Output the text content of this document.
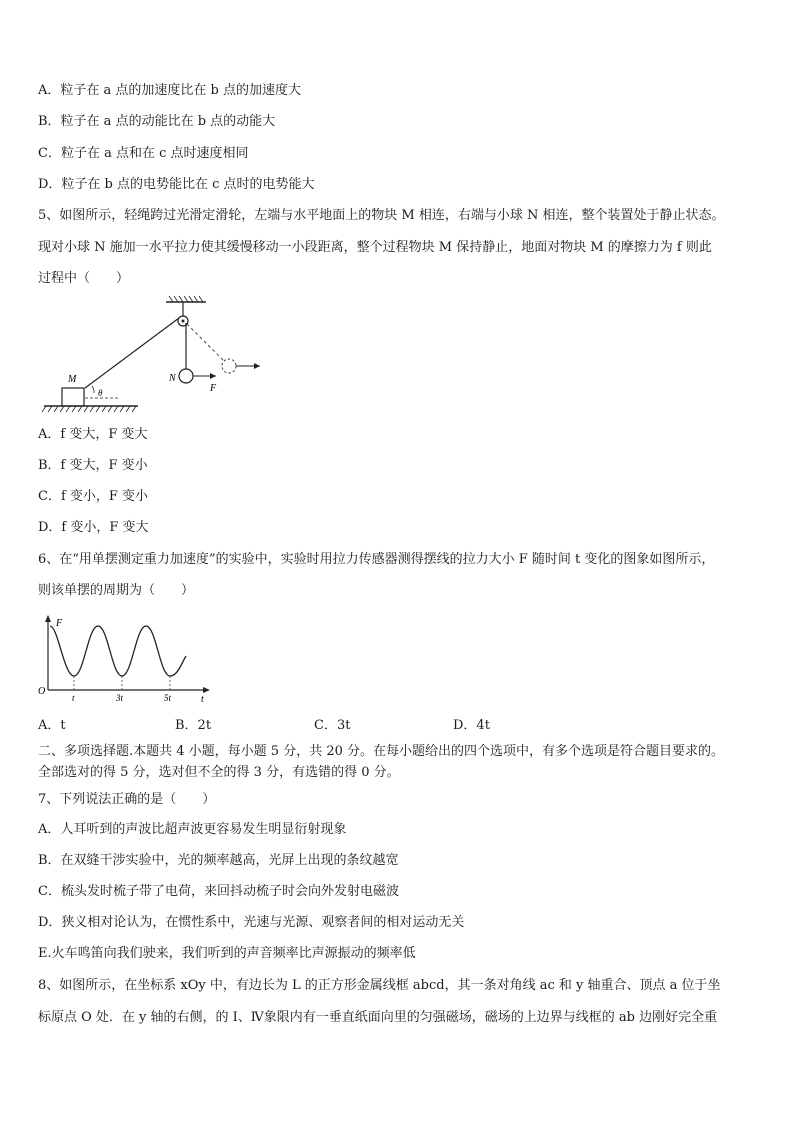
A．粒子在 a 点的加速度比在 b 点的加速度大
B．粒子在 a 点的动能比在 b 点的动能大
C．粒子在 a 点和在 c 点时速度相同
D．粒子在 b 点的电势能比在 c 点时的电势能大
5、如图所示，轻绳跨过光滑定滑轮，左端与水平地面上的物块 M 相连，右端与小球 N 相连，整个装置处于静止状态。
现对小球 N 施加一水平拉力使其缓慢移动一小段距离，整个过程物块 M 保持静止，地面对物块 M 的摩擦力为 f 则此
过程中（　　）
N
F
M
θ
A．f 变大，F 变大
B．f 变大，F 变小
C．f 变小，F 变小
D．f 变小，F 变大
6、在“用单摆测定重力加速度”的实验中，实验时用拉力传感器测得摆线的拉力大小 F 随时间 t 变化的图象如图所示，
则该单摆的周期为（　　）
F
t
O
t	3t	5t
A．t	B．2t	C．3t	D．4t
二、多项选择题.本题共 4 小题，每小题 5 分，共 20 分。在每小题给出的四个选项中，有多个选项是符合题目要求的。
全部选对的得 5 分，选对但不全的得 3 分，有选错的得 0 分。
7、下列说法正确的是（　　）
A．人耳听到的声波比超声波更容易发生明显衍射现象
B．在双缝干涉实验中，光的频率越高，光屏上出现的条纹越宽
C．梳头发时梳子带了电荷，来回抖动梳子时会向外发射电磁波
D．狭义相对论认为，在惯性系中，光速与光源、观察者间的相对运动无关
E.火车鸣笛向我们驶来，我们听到的声音频率比声源振动的频率低
8、如图所示，在坐标系 xOy 中，有边长为 L 的正方形金属线框 abcd，其一条对角线 ac 和 y 轴重合、顶点 a 位于坐
标原点 O 处．在 y 轴的右侧，的 I、Ⅳ象限内有一垂直纸面向里的匀强磁场，磁场的上边界与线框的 ab 边刚好完全重
